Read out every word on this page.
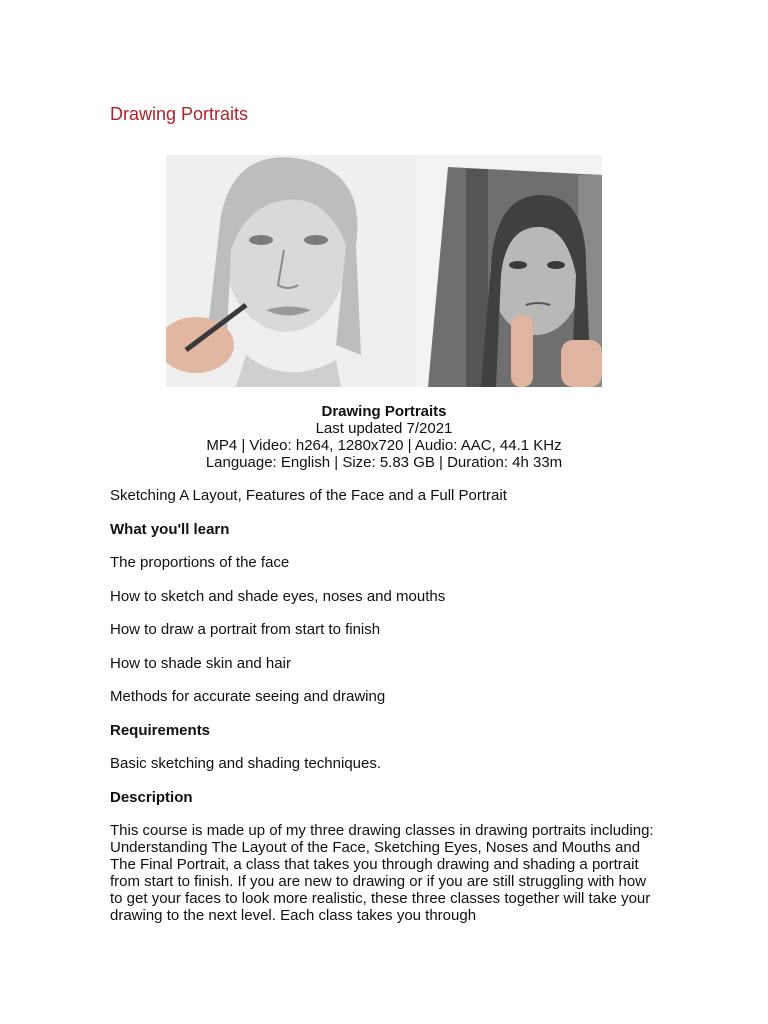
Drawing Portraits
Drawing Portraits
Last updated 7/2021
MP4 | Video: h264, 1280x720 | Audio: AAC, 44.1 KHz
Language: English | Size: 5.83 GB | Duration: 4h 33m

Sketching A Layout, Features of the Face and a Full Portrait

What you'll learn

The proportions of the face

How to sketch and shade eyes, noses and mouths

How to draw a portrait from start to finish

How to shade skin and hair

Methods for accurate seeing and drawing

Requirements

Basic sketching and shading techniques.

Description

This course is made up of my three drawing classes in drawing portraits including: Understanding The Layout of the Face, Sketching Eyes, Noses and Mouths and The Final Portrait, a class that takes you through drawing and shading a portrait from start to finish. If you are new to drawing or if you are still struggling with how to get your faces to look more realistic, these three classes together will take your drawing to the next level. Each class takes you through
